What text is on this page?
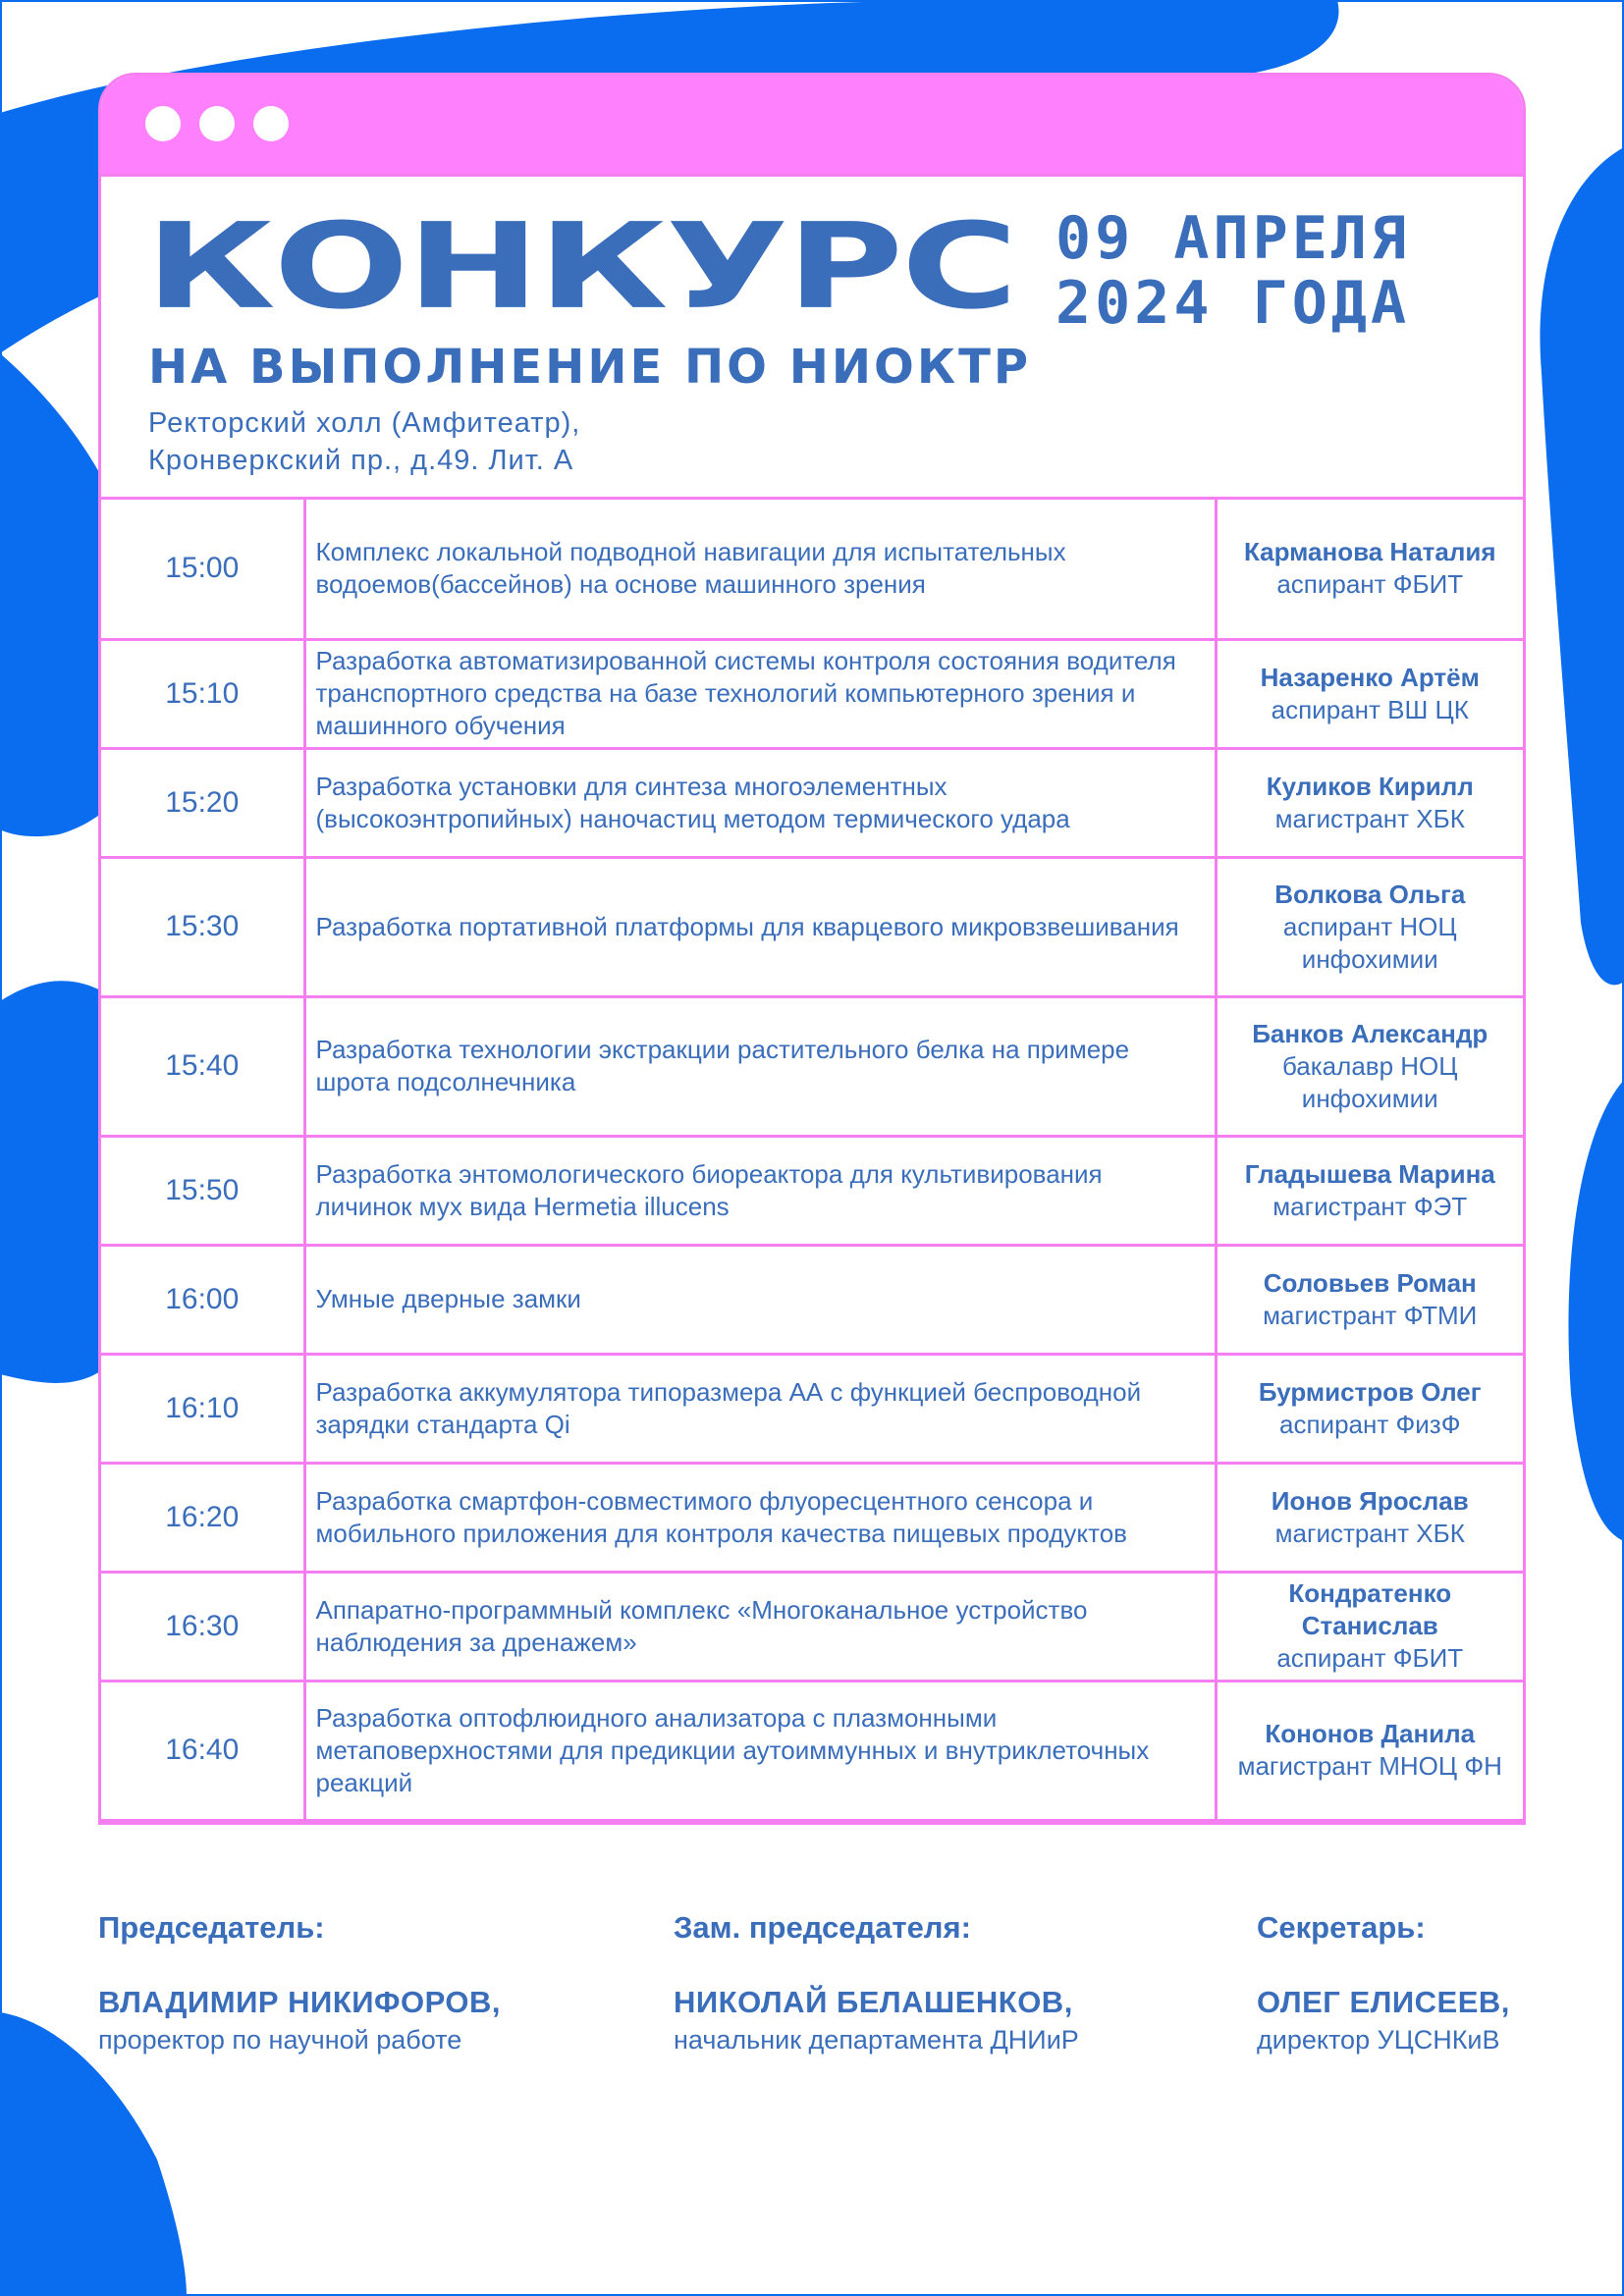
КОНКУРС

НА ВЫПОЛНЕНИЕ ПО НИОКТР

09 АПРЕЛЯ
2024 ГОДА

Ректорский холл (Амфитеатр),
Кронверкский пр., д.49. Лит. А

15:00	Комплекс локальной подводной навигации для испытательных водоемов(бассейнов) на основе машинного зрения	Карманова Наталия
аспирант ФБИТ

15:10	Разработка автоматизированной системы контроля состояния водителя транспортного средства на базе технологий компьютерного зрения и машинного обучения	Назаренко Артём
аспирант ВШ ЦК

15:20	Разработка установки для синтеза многоэлементных (высокоэнтропийных) наночастиц методом термического удара	Куликов Кирилл
магистрант ХБК

15:30	Разработка портативной платформы для кварцевого микровзвешивания	Волкова Ольга
аспирант НОЦ инфохимии

15:40	Разработка технологии экстракции растительного белка на примере шрота подсолнечника	Банков Александр
бакалавр НОЦ инфохимии

15:50	Разработка энтомологического биореактора для культивирования личинок мух вида Hermetia illucens	Гладышева Марина
магистрант ФЭТ

16:00	Умные дверные замки	Соловьев Роман
магистрант ФТМИ

16:10	Разработка аккумулятора типоразмера АА с функцией беспроводной зарядки стандарта Qi	Бурмистров Олег
аспирант ФизФ

16:20	Разработка смартфон-совместимого флуоресцентного сенсора и мобильного приложения для контроля качества пищевых продуктов	Ионов Ярослав
магистрант ХБК

16:30	Аппаратно-программный комплекс «Многоканальное устройство наблюдения за дренажем»	Кондратенко Станислав
аспирант ФБИТ

16:40	Разработка оптофлюидного анализатора с плазмонными метаповерхностями для предикции аутоиммунных и внутриклеточных реакций	Кононов Данила
магистрант МНОЦ ФН

Председатель:

ВЛАДИМИР НИКИФОРОВ,

проректор по научной работе

Зам. председателя:

НИКОЛАЙ БЕЛАШЕНКОВ,

начальник департамента ДНИиР

Секретарь:

ОЛЕГ ЕЛИСЕЕВ,

директор УЦСНКиВ
